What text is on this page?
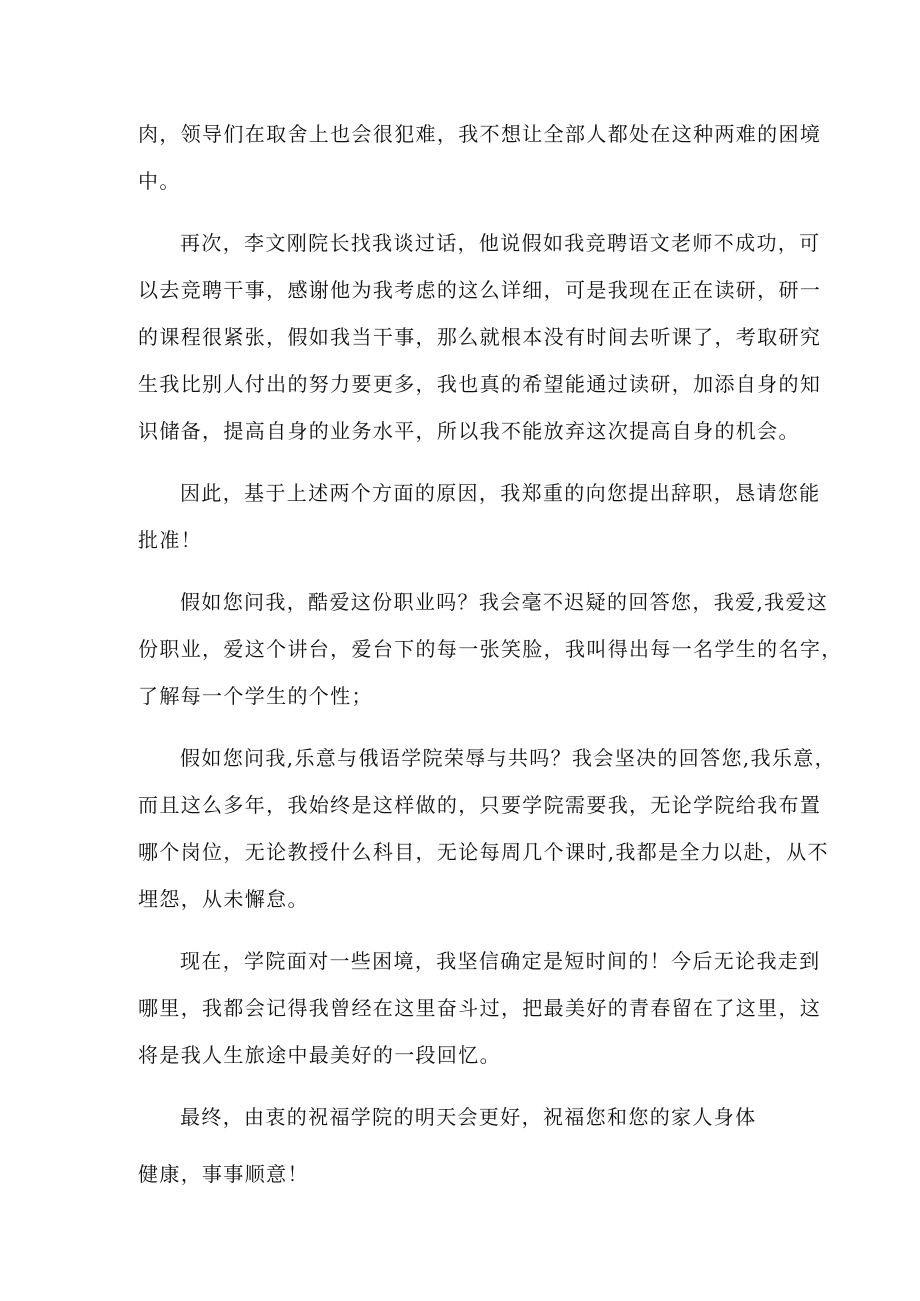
肉，领导们在取舍上也会很犯难，我不想让全部人都处在这种两难的困境
中。
再次，李文刚院长找我谈过话，他说假如我竞聘语文老师不成功，可
以去竞聘干事，感谢他为我考虑的这么详细，可是我现在正在读研，研一
的课程很紧张，假如我当干事，那么就根本没有时间去听课了，考取研究
生我比别人付出的努力要更多，我也真的希望能通过读研，加添自身的知
识储备，提高自身的业务水平，所以我不能放弃这次提高自身的机会。
因此，基于上述两个方面的原因，我郑重的向您提出辞职，恳请您能
批准！
假如您问我，酷爱这份职业吗？我会毫不迟疑的回答您，我爱,我爱这
份职业，爱这个讲台，爱台下的每一张笑脸，我叫得出每一名学生的名字，
了解每一个学生的个性；
假如您问我,乐意与俄语学院荣辱与共吗？我会坚决的回答您,我乐意，
而且这么多年，我始终是这样做的，只要学院需要我，无论学院给我布置
哪个岗位，无论教授什么科目，无论每周几个课时,我都是全力以赴，从不
埋怨，从未懈怠。
现在，学院面对一些困境，我坚信确定是短时间的！今后无论我走到
哪里，我都会记得我曾经在这里奋斗过，把最美好的青春留在了这里，这
将是我人生旅途中最美好的一段回忆。
最终，由衷的祝福学院的明天会更好，祝福您和您的家人身体
健康，事事顺意！
